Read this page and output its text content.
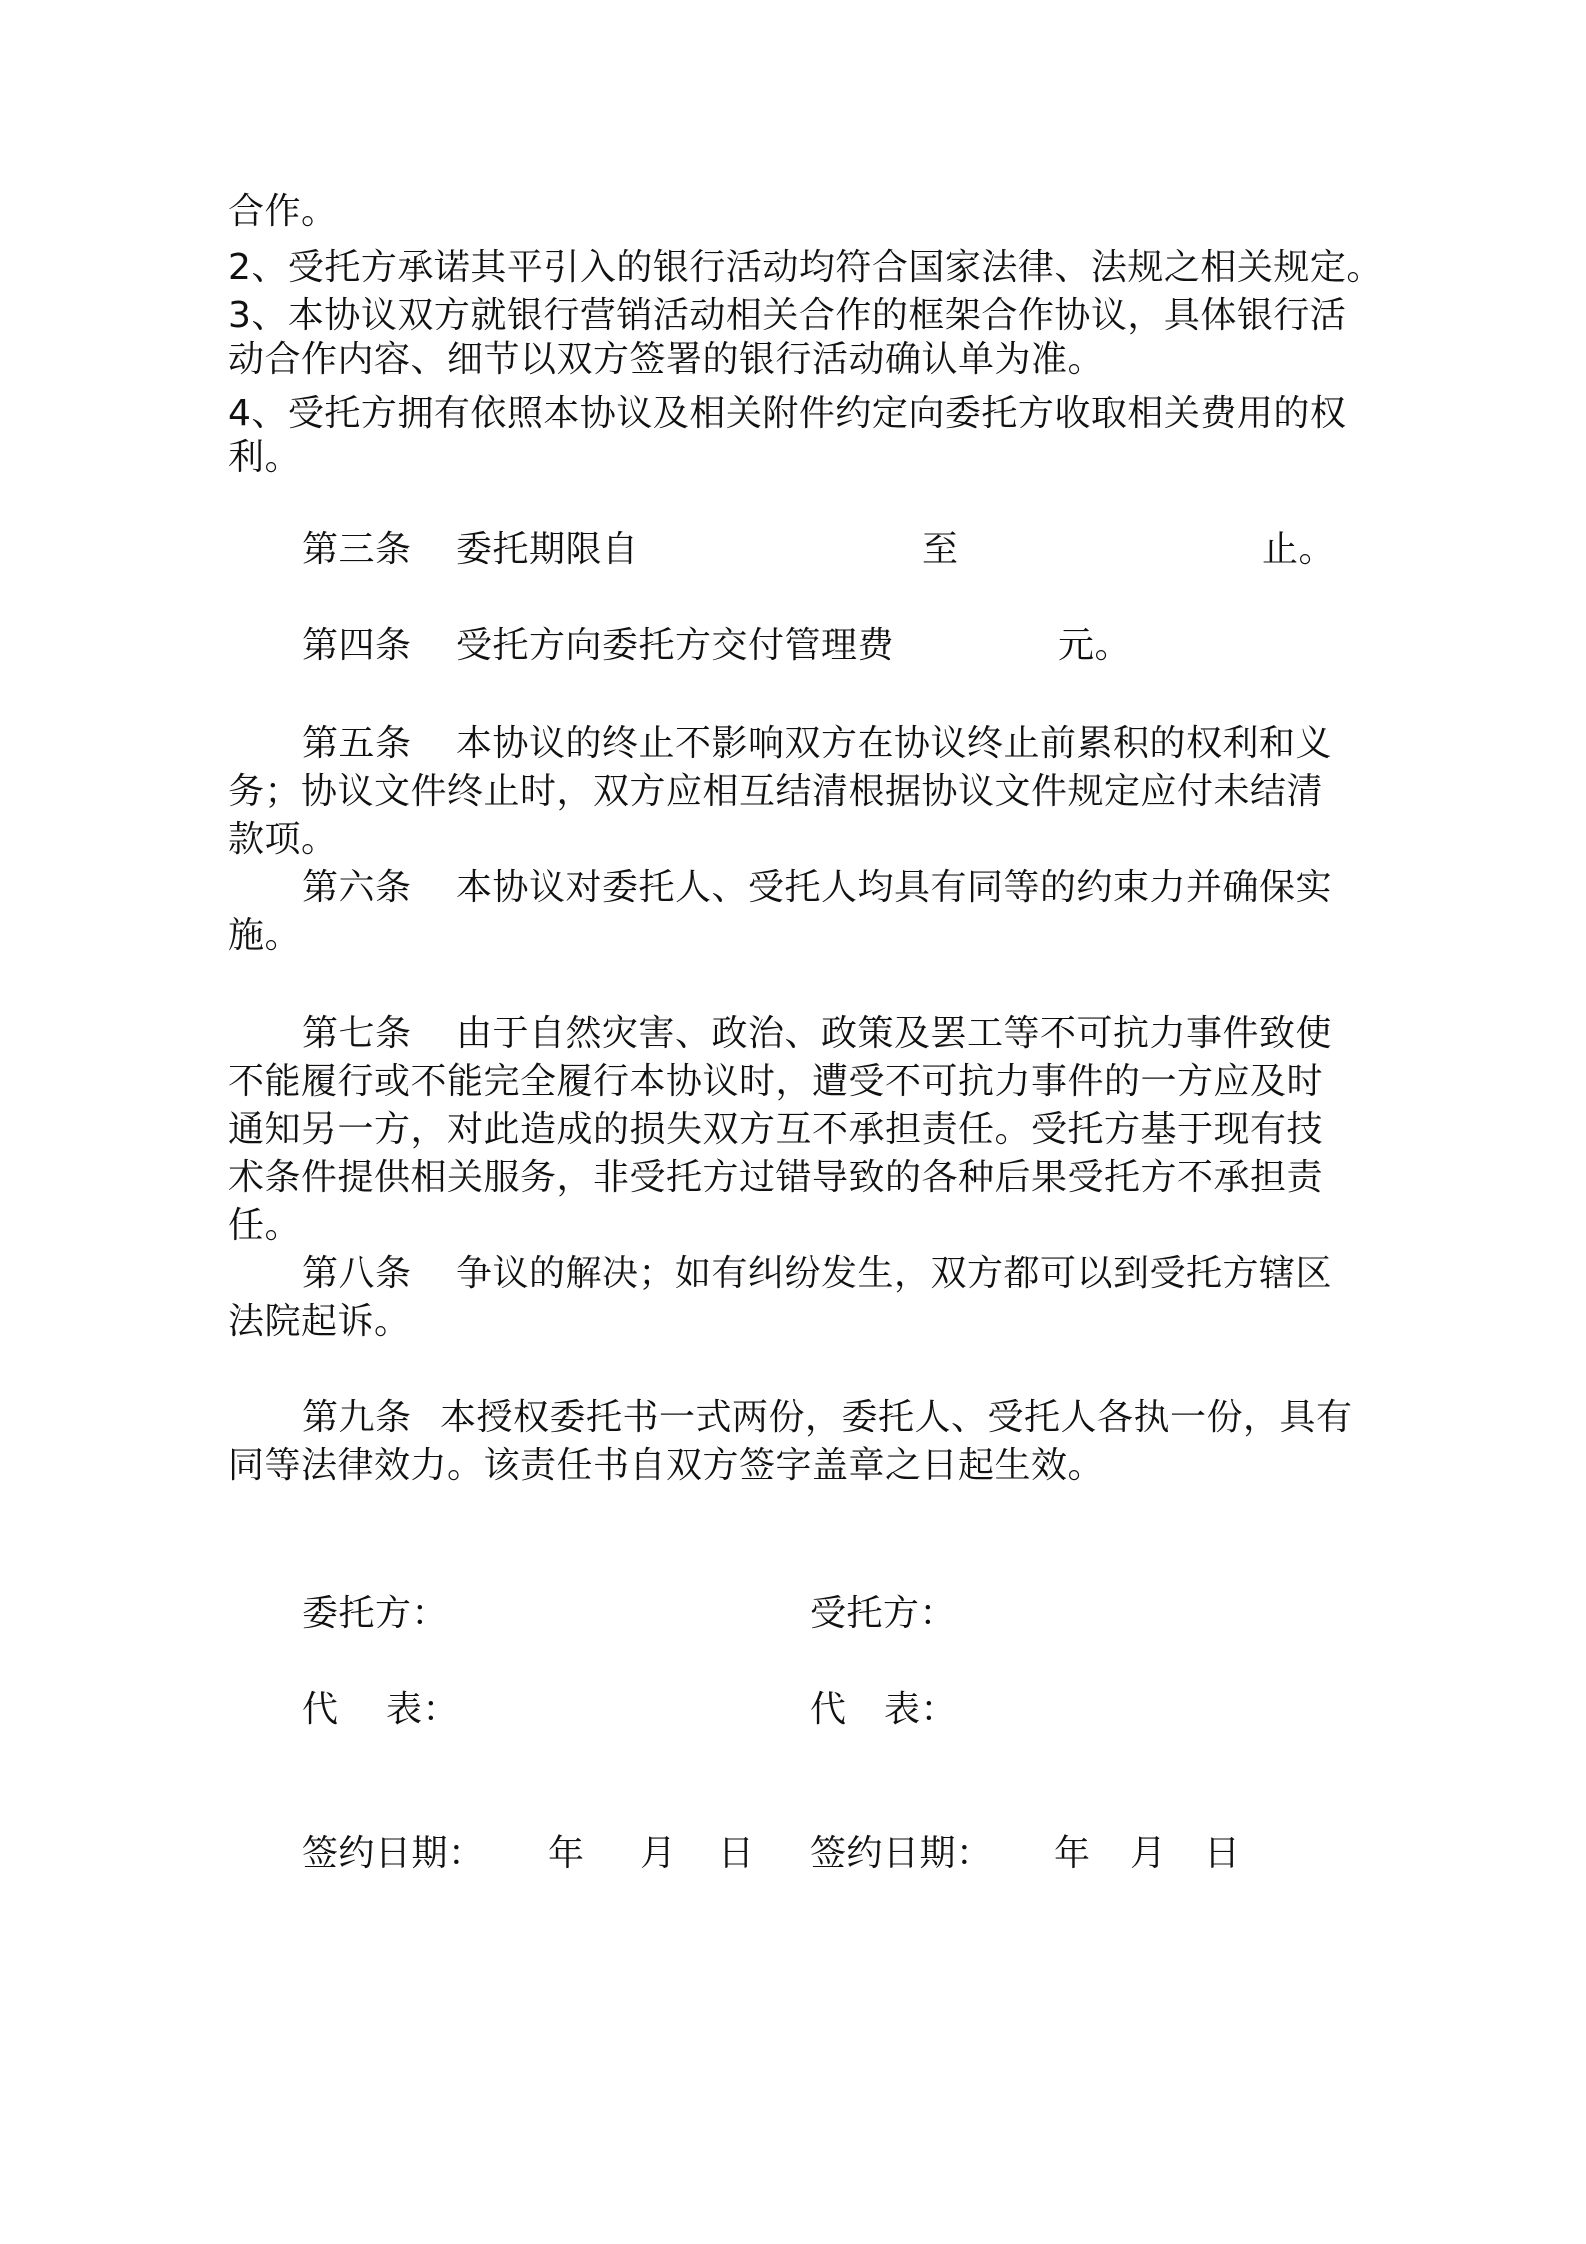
合作。
2、受托方承诺其平引入的银行活动均符合国家法律、法规之相关规定。
3、本协议双方就银行营销活动相关合作的框架合作协议，具体银行活
动合作内容、细节以双方签署的银行活动确认单为准。
4、受托方拥有依照本协议及相关附件约定向委托方收取相关费用的权
利。
第三条 委托期限自	至	止。
第四条 受托方向委托方交付管理费	元。
第五条 本协议的终止不影响双方在协议终止前累积的权利和义
务；协议文件终止时，双方应相互结清根据协议文件规定应付未结清
款项。
第六条 本协议对委托人、受托人均具有同等的约束力并确保实
施。
第七条 由于自然灾害、政治、政策及罢工等不可抗力事件致使
不能履行或不能完全履行本协议时，遭受不可抗力事件的一方应及时
通知另一方，对此造成的损失双方互不承担责任。受托方基于现有技
术条件提供相关服务，非受托方过错导致的各种后果受托方不承担责
任。
第八条 争议的解决；如有纠纷发生，双方都可以到受托方辖区
法院起诉。
第九条 本授权委托书一式两份，委托人、受托人各执一份，具有
同等法律效力。该责任书自双方签字盖章之日起生效。
委托方：	受托方：
代 表：	代 表：
签约日期： 年 月 日 签约日期： 年 月 日
